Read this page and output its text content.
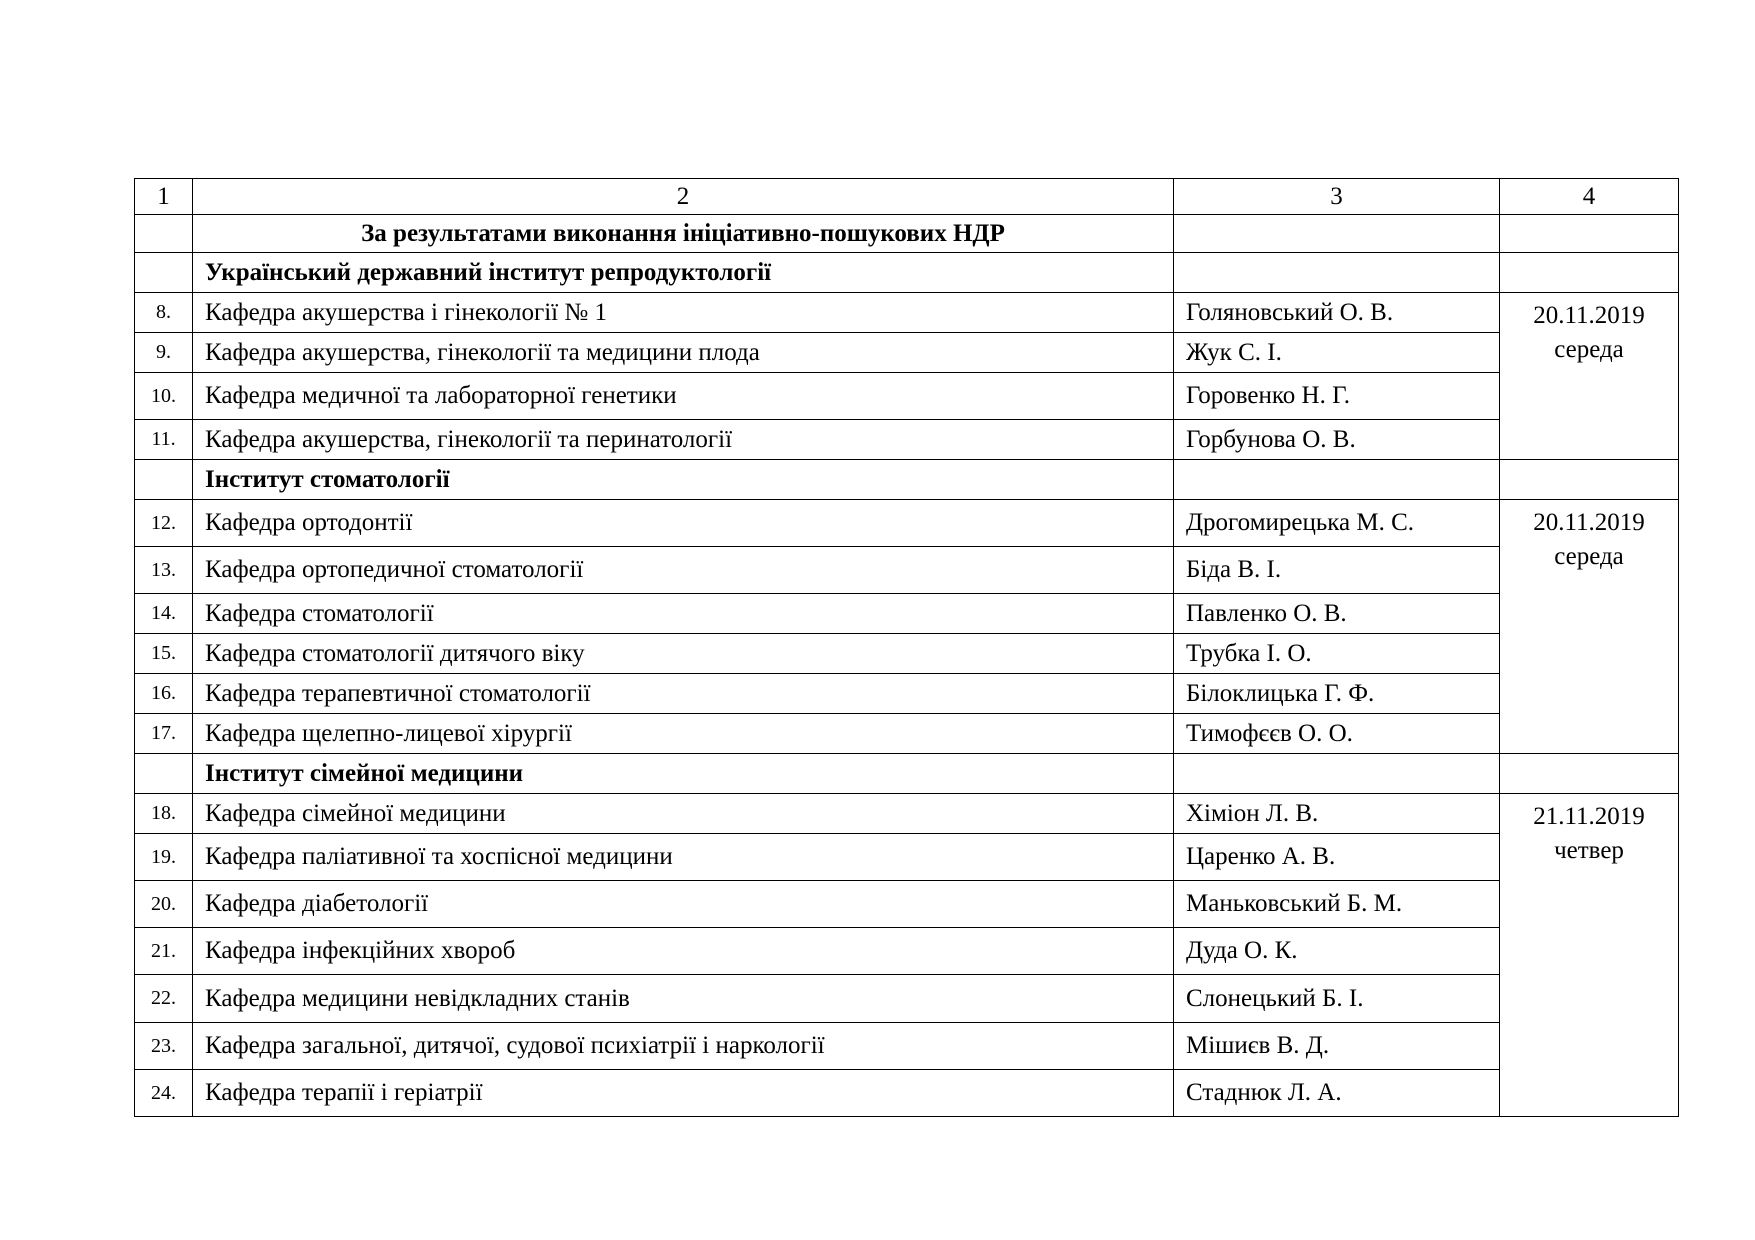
1	2	3	4
	За результатами виконання ініціативно-пошукових НДР		
	Український державний інститут репродуктології		
8.	Кафедра акушерства і гінекології № 1	Голяновський О. В.	20.11.2019
середа

9.	Кафедра акушерства, гінекології та медицини плода	Жук С. І.	
10.	Кафедра медичної та лабораторної генетики	Горовенко Н. Г.	
11.	Кафедра акушерства, гінекології та перинатології	Горбунова О. В.	
	Інститут стоматології		
12.	Кафедра ортодонтії	Дрогомирецька М. С.	20.11.2019
середа

13.	Кафедра ортопедичної стоматології	Біда В. І.	
14.	Кафедра стоматології	Павленко О. В.	
15.	Кафедра стоматології дитячого віку	Трубка І. О.	
16.	Кафедра терапевтичної стоматології	Білоклицька Г. Ф.	
17.	Кафедра щелепно-лицевої хірургії	Тимофєєв О. О.	
	Інститут сімейної медицини		
18.	Кафедра сімейної медицини	Хіміон Л. В.	21.11.2019
четвер

19.	Кафедра паліативної та хоспісної медицини	Царенко А. В.	
20.	Кафедра діабетології	Маньковський Б. М.	
21.	Кафедра інфекційних хвороб	Дуда О. К.	
22.	Кафедра медицини невідкладних станів	Слонецький Б. І.	
23.	Кафедра загальної, дитячої, судової психіатрії і наркології	Мішиєв В. Д.	
24.	Кафедра терапії і геріатрії	Стаднюк Л. А.	
